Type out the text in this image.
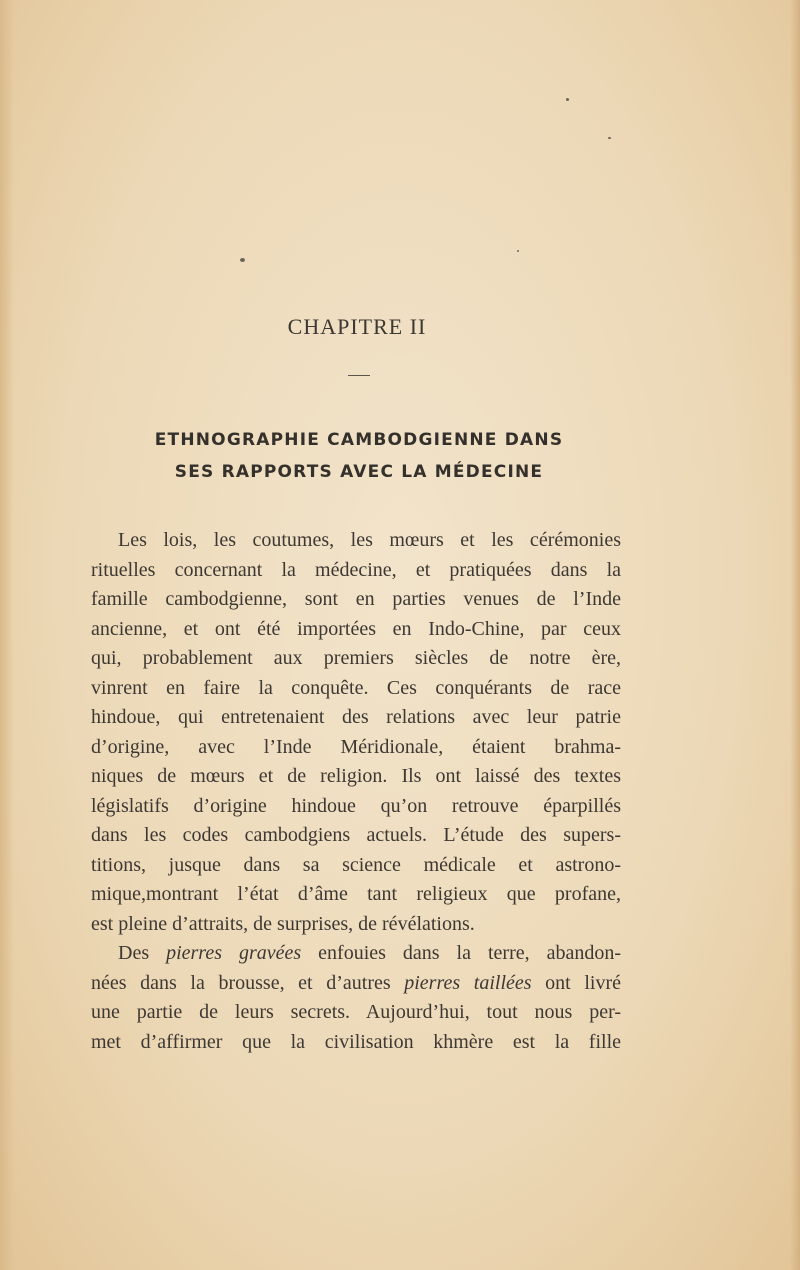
CHAPITRE II
ETHNOGRAPHIE CAMBODGIENNE DANS
SES RAPPORTS AVEC LA MÉDECINE
Les lois, les coutumes, les mœurs et les cérémonies
rituelles concernant la médecine, et pratiquées dans la
famille cambodgienne, sont en parties venues de l’Inde
ancienne, et ont été importées en Indo-Chine, par ceux
qui, probablement aux premiers siècles de notre ère,
vinrent en faire la conquête. Ces conquérants de race
hindoue, qui entretenaient des relations avec leur patrie
d’origine, avec l’Inde Méridionale, étaient brahma-
niques de mœurs et de religion. Ils ont laissé des textes
législatifs d’origine hindoue qu’on retrouve éparpillés
dans les codes cambodgiens actuels. L’étude des supers-
titions, jusque dans sa science médicale et astrono-
mique,montrant l’état d’âme tant religieux que profane,
est pleine d’attraits, de surprises, de révélations.
Des pierres gravées enfouies dans la terre, abandon-
nées dans la brousse, et d’autres pierres taillées ont livré
une partie de leurs secrets. Aujourd’hui, tout nous per-
met d’affirmer que la civilisation khmère est la fille
